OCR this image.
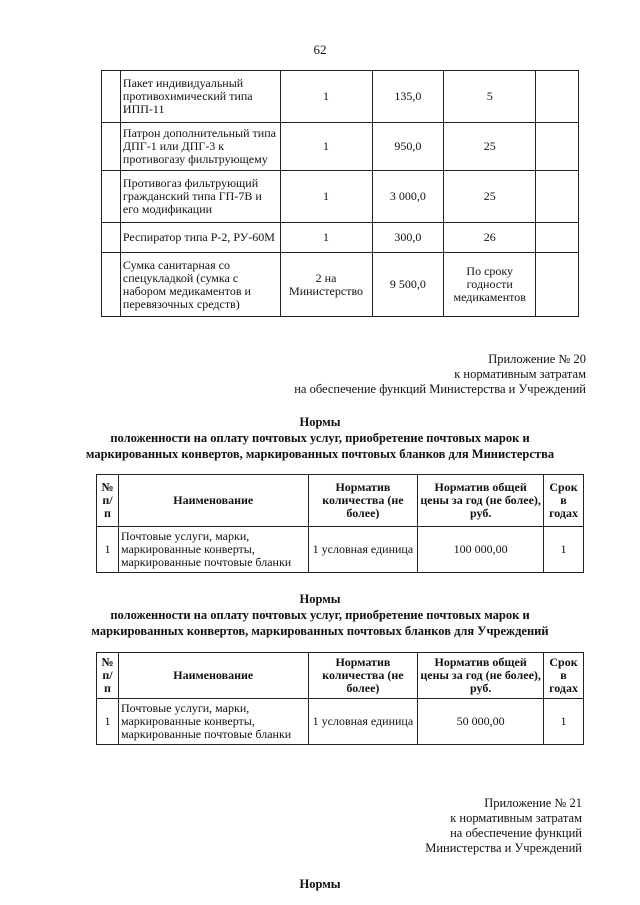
62
	Пакет индивидуальный противохимический типа ИПП-11	1	135,0	5	
	Патрон дополнительный типа ДПГ-1 или ДПГ-3 к противогазу фильтрующему	1	950,0	25	
	Противогаз фильтрующий гражданский типа ГП-7В и его модификации	1	3 000,0	25	
	Респиратор типа Р-2, РУ-60М	1	300,0	26	
	Сумка санитарная со спецукладкой (сумка с набором медикаментов и перевязочных средств)	2 на Министерство	9 500,0	По сроку годности медикаментов	
Приложение № 20
к нормативным затратам
на обеспечение функций Министерства и Учреждений
Нормы
положенности на оплату почтовых услуг, приобретение почтовых марок и
маркированных конвертов, маркированных почтовых бланков для Министерства
№ п/п	Наименование	Норматив количества (не более)	Норматив общей цены за год (не более), руб.	Срок в годах
1	Почтовые услуги, марки, маркированные конверты, маркированные почтовые бланки	1 условная единица	100 000,00	1
Нормы
положенности на оплату почтовых услуг, приобретение почтовых марок и
маркированных конвертов, маркированных почтовых бланков для Учреждений
№ п/п	Наименование	Норматив количества (не более)	Норматив общей цены за год (не более), руб.	Срок в годах
1	Почтовые услуги, марки, маркированные конверты, маркированные почтовые бланки	1 условная единица	50 000,00	1
Приложение № 21
к нормативным затратам
на обеспечение функций
Министерства и Учреждений
Нормы
